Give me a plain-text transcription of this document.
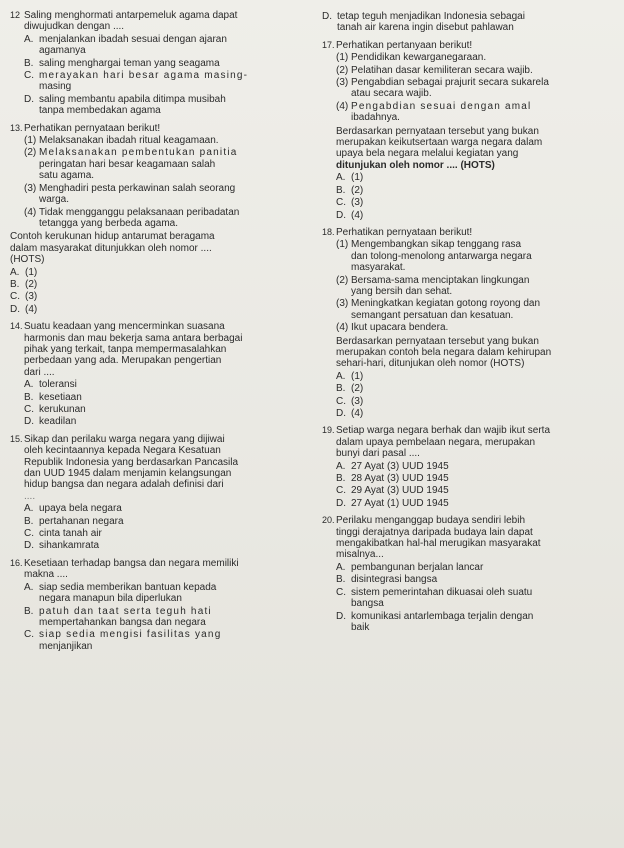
12 Saling menghormati antarpemeluk agama dapat
diwujudkan dengan ....
A. menjalankan ibadah sesuai dengan ajaran
agamanya
B. saling menghargai teman yang seagama
C. merayakan hari besar agama masing-
masing
D. saling membantu apabila ditimpa musibah
tanpa membedakan agama
13. Perhatikan pernyataan berikut!
(1) Melaksanakan ibadah ritual keagamaan.
(2) Melaksanakan pembentukan panitia
peringatan hari besar keagamaan salah
satu agama.
(3) Menghadiri pesta perkawinan salah seorang
warga.
(4) Tidak mengganggu pelaksanaan peribadatan
tetangga yang berbeda agama.
Contoh kerukunan hidup antarumat beragama
dalam masyarakat ditunjukkan oleh nomor ....
(HOTS)
A. (1)
B. (2)
C. (3)
D. (4)
14. Suatu keadaan yang mencerminkan suasana
harmonis dan mau bekerja sama antara berbagai
pihak yang terkait, tanpa mempermasalahkan
perbedaan yang ada. Merupakan pengertian
dari ....
A. toleransi
B. kesetiaan
C. kerukunan
D. keadilan
15. Sikap dan perilaku warga negara yang dijiwai
oleh kecintaannya kepada Negara Kesatuan
Republik Indonesia yang berdasarkan Pancasila
dan UUD 1945 dalam menjamin kelangsungan
hidup bangsa dan negara adalah definisi dari
....
A. upaya bela negara
B. pertahanan negara
C. cinta tanah air
D. sihankamrata
16. Kesetiaan terhadap bangsa dan negara memiliki
makna ....
A. siap sedia memberikan bantuan kepada
negara manapun bila diperlukan
B. patuh dan taat serta teguh hati
mempertahankan bangsa dan negara
C. siap sedia mengisi fasilitas yang
menjanjikan
D. tetap teguh menjadikan Indonesia sebagai
tanah air karena ingin disebut pahlawan
17. Perhatikan pertanyaan berikut!
(1) Pendidikan kewarganegaraan.
(2) Pelatihan dasar kemiliteran secara wajib.
(3) Pengabdian sebagai prajurit secara sukarela
atau secara wajib.
(4) Pengabdian sesuai dengan amal
ibadahnya.
Berdasarkan pernyataan tersebut yang bukan
merupakan keikutsertaan warga negara dalam
upaya bela negara melalui kegiatan yang
ditunjukan oleh nomor .... (HOTS)
A. (1)
B. (2)
C. (3)
D. (4)
18. Perhatikan pernyataan berikut!
(1) Mengembangkan sikap tenggang rasa
dan tolong-menolong antarwarga negara
masyarakat.
(2) Bersama-sama menciptakan lingkungan
yang bersih dan sehat.
(3) Meningkatkan kegiatan gotong royong dan
semangant persatuan dan kesatuan.
(4) Ikut upacara bendera.
Berdasarkan pernyataan tersebut yang bukan
merupakan contoh bela negara dalam kehirupan
sehari-hari, ditunjukan oleh nomor (HOTS)
A. (1)
B. (2)
C. (3)
D. (4)
19. Setiap warga negara berhak dan wajib ikut serta
dalam upaya pembelaan negara, merupakan
bunyi dari pasal ....
A. 27 Ayat (3) UUD 1945
B. 28 Ayat (3) UUD 1945
C. 29 Ayat (3) UUD 1945
D. 27 Ayat (1) UUD 1945
20. Perilaku menganggap budaya sendiri lebih
tinggi derajatnya daripada budaya lain dapat
mengakibatkan hal-hal merugikan masyarakat
misalnya...
A. pembangunan berjalan lancar
B. disintegrasi bangsa
C. sistem pemerintahan dikuasai oleh suatu
bangsa
D. komunikasi antarlembaga terjalin dengan
baik
